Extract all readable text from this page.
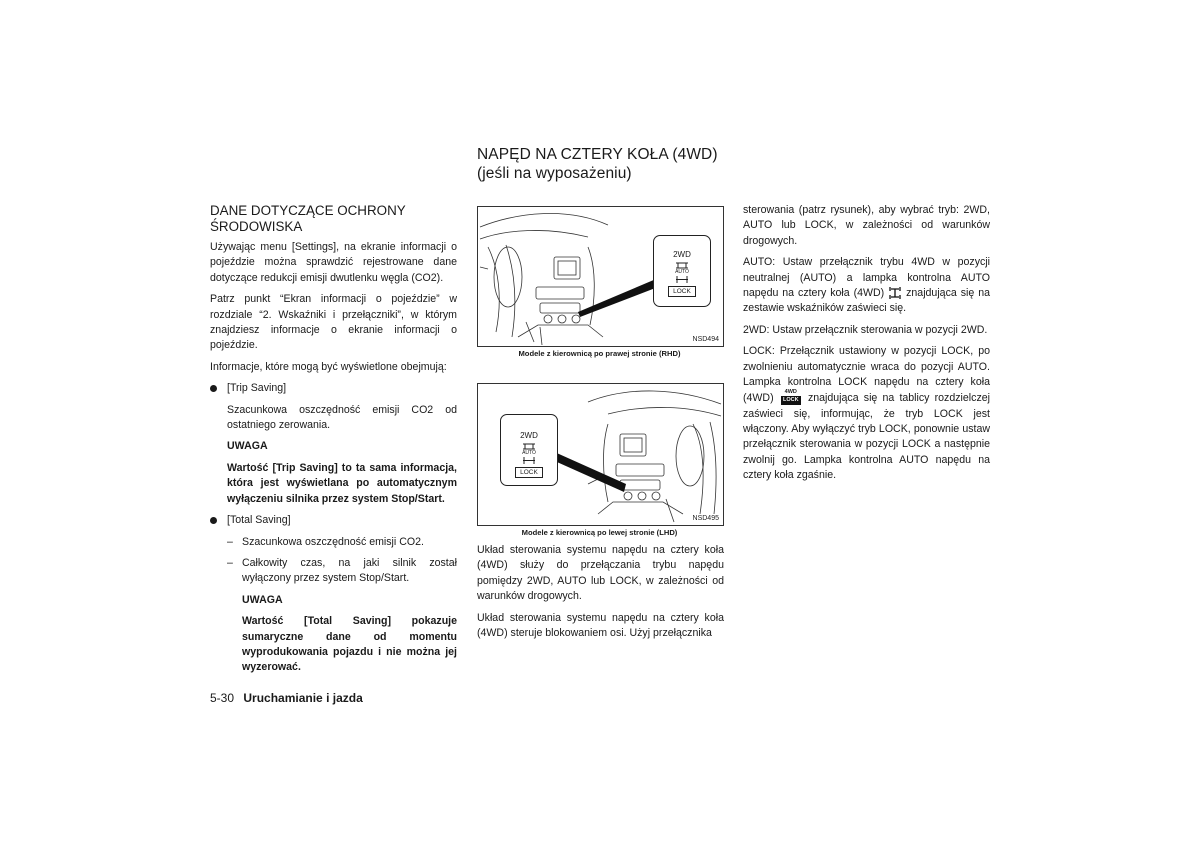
NAPĘD NA CZTERY KOŁA (4WD)
(jeśli na wyposażeniu)
DANE DOTYCZĄCE OCHRONY
ŚRODOWISKA

Używając menu [Settings], na ekranie informacji o pojeździe można sprawdzić rejestrowane dane dotyczące redukcji emisji dwutlenku węgla (CO2).

Patrz punkt “Ekran informacji o pojeździe” w rozdziale “2. Wskaźniki i przełączniki”, w którym znajdziesz informacje o ekranie informacji o pojeździe.

Informacje, które mogą być wyświetlone obejmują:

[Trip Saving]

Szacunkowa oszczędność emisji CO2 od ostatniego zerowania.

UWAGA

Wartość [Trip Saving] to ta sama informacja, która jest wyświetlana po automatycznym wyłączeniu silnika przez system Stop/Start.

[Total Saving]

– Szacunkowa oszczędność emisji CO2.

– Całkowity czas, na jaki silnik został wyłączony przez system Stop/Start.

UWAGA

Wartość [Total Saving] pokazuje sumaryczne dane od momentu wyprodukowania pojazdu i nie można jej wyzerować.

2WD
AUTO
LOCK
NSD494
Modele z kierownicą po prawej stronie (RHD)
2WD
AUTO
LOCK
NSD495
Modele z kierownicą po lewej stronie (LHD)

Układ sterowania systemu napędu na cztery koła (4WD) służy do przełączania trybu napędu pomiędzy 2WD, AUTO lub LOCK, w zależności od warunków drogowych.

Układ sterowania systemu napędu na cztery koła (4WD) steruje blokowaniem osi. Użyj przełącznika

sterowania (patrz rysunek), aby wybrać tryb: 2WD, AUTO lub LOCK, w zależności od warunków drogowych.

AUTO: Ustaw przełącznik trybu 4WD w pozycji neutralnej (AUTO) a lampka kontrolna AUTO napędu na cztery koła (4WD) znajdująca się na zestawie wskaźników zaświeci się.

2WD: Ustaw przełącznik sterowania w pozycji 2WD.

LOCK: Przełącznik ustawiony w pozycji LOCK, po zwolnieniu automatycznie wraca do pozycji AUTO. Lampka kontrolna LOCK napędu na cztery koła (4WD)	4WD
LOCK znajdująca się na tablicy rozdzielczej zaświeci się, informując, że tryb LOCK jest włączony. Aby wyłączyć tryb LOCK, ponownie ustaw przełącznik sterowania w pozycji LOCK a następnie zwolnij go. Lampka kontrolna AUTO napędu na cztery koła zgaśnie.

5-30 Uruchamianie i jazda
